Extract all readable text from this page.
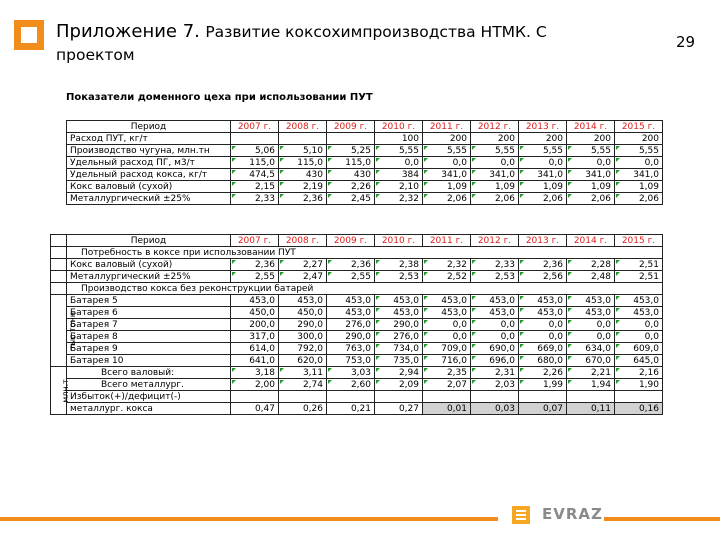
Приложение 7. Развитие коксохимпроизводства НТМК. С проектом
29
Показатели доменного цеха при использовании ПУТ
Период	2007 г.	2008 г.	2009 г.	2010 г.	2011 г.	2012 г.	2013 г.	2014 г.	2015 г.
Расход ПУТ, кг/т				100	200	200	200	200	200
Производство чугуна, млн.тн	5,06	5,10	5,25	5,55	5,55	5,55	5,55	5,55	5,55
Удельный расход ПГ, м3/т	115,0	115,0	115,0	0,0	0,0	0,0	0,0	0,0	0,0
Удельный расход кокса, кг/т	474,5	430	430	384	341,0	341,0	341,0	341,0	341,0
Кокс валовый (сухой)	2,15	2,19	2,26	2,10	1,09	1,09	1,09	1,09	1,09
Металлургический ±25%	2,33	2,36	2,45	2,32	2,06	2,06	2,06	2,06	2,06
	Период	2007 г.	2008 г.	2009 г.	2010 г.	2011 г.	2012 г.	2013 г.	2014 г.	2015 г.
	Потребность в коксе при использовании ПУТ									
	Кокс валовый (сухой)	2,36	2,27	2,36	2,38	2,32	2,33	2,36	2,28	2,51
	Металлургический ±25%	2,55	2,47	2,55	2,53	2,52	2,53	2,56	2,48	2,51
	Производство кокса без реконструкции батарей									
тыс.тонн	Батарея 5	453,0	453,0	453,0	453,0	453,0	453,0	453,0	453,0	453,0
	Батарея 6	450,0	450,0	453,0	453,0	453,0	453,0	453,0	453,0	453,0
	Батарея 7	200,0	290,0	276,0	290,0	0,0	0,0	0,0	0,0	0,0
	Батарея 8	317,0	300,0	290,0	276,0	0,0	0,0	0,0	0,0	0,0
	Батарея 9	614,0	792,0	763,0	734,0	709,0	690,0	669,0	634,0	609,0
	Батарея 10	641,0	620,0	753,0	735,0	716,0	696,0	680,0	670,0	645,0
млн.т	Всего валовый:	3,18	3,11	3,03	2,94	2,35	2,31	2,26	2,21	2,16
	Всего металлург.	2,00	2,74	2,60	2,09	2,07	2,03	1,99	1,94	1,90
	Избыток(+)/дефицит(-)									
	металлург. кокса	0,47	0,26	0,21	0,27	0,01	0,03	0,07	0,11	0,16
EVRAZ
